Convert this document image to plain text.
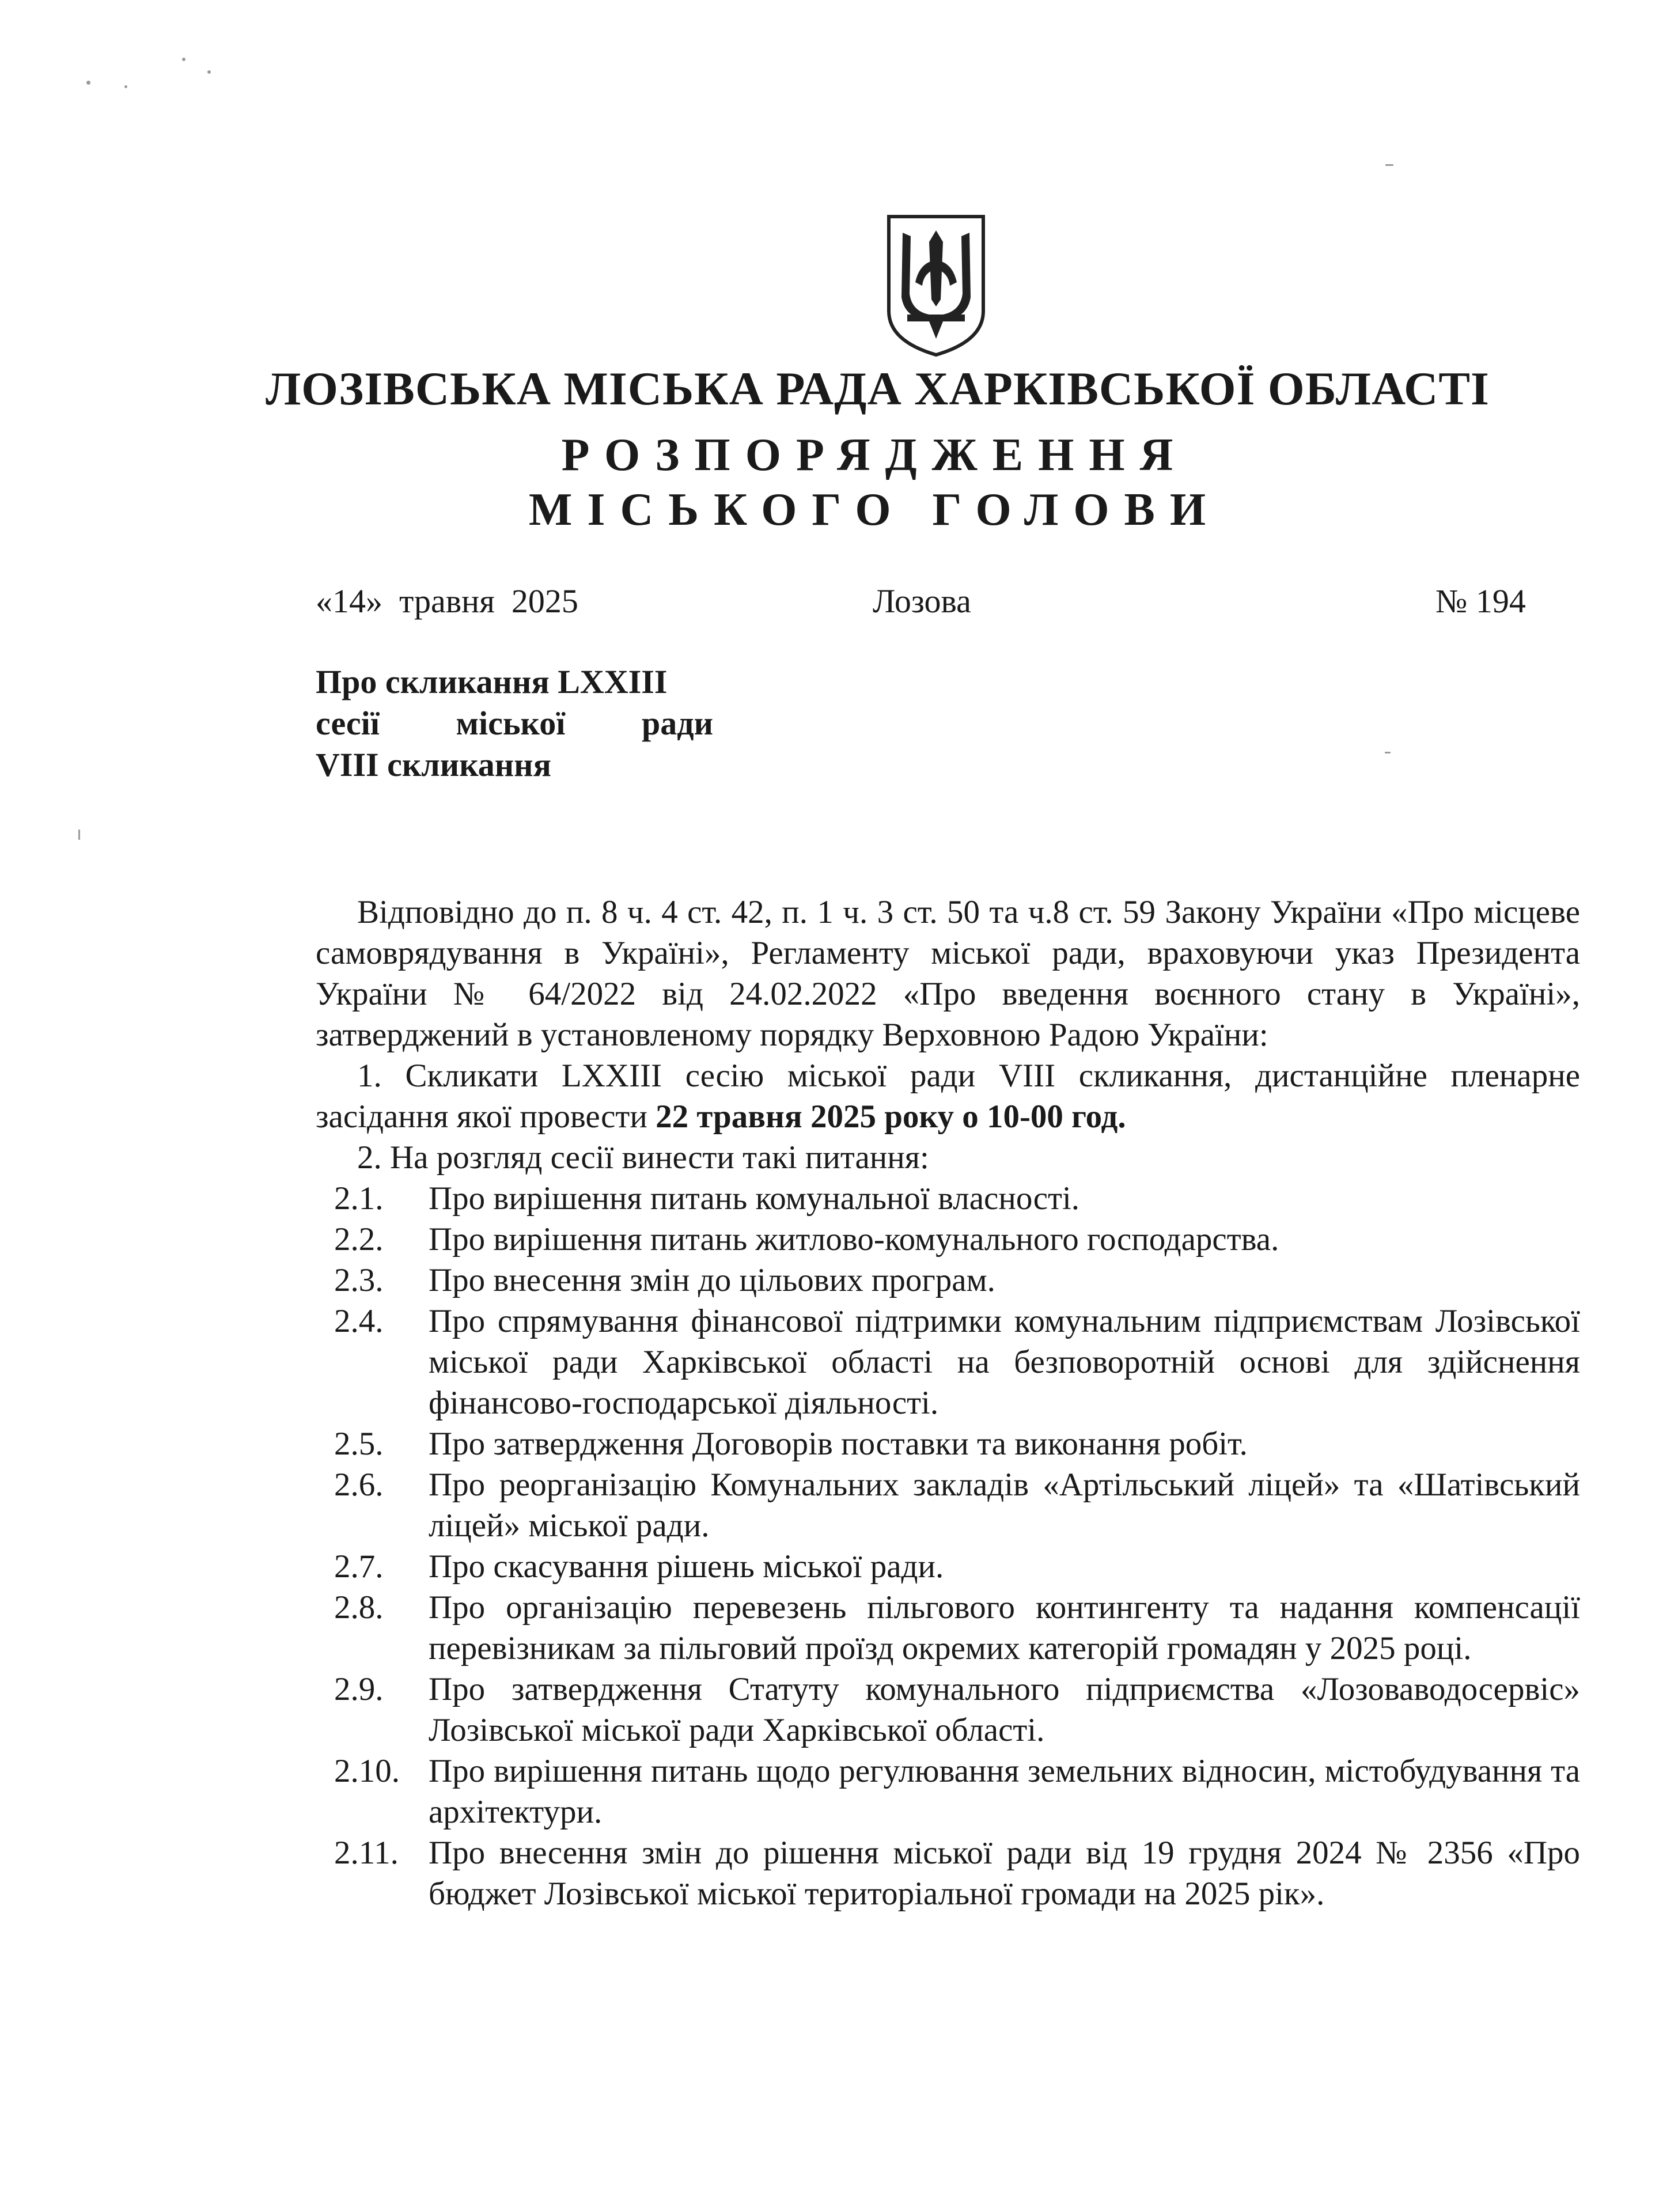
ЛОЗІВСЬКА МІСЬКА РАДА ХАРКІВСЬКОЇ ОБЛАСТІ
РОЗПОРЯДЖЕННЯ
МІСЬКОГО ГОЛОВИ
«14»  травня  2025	Лозова	№ 194
Про скликання LXXIII
сесії міської ради
VIII скликання

Відповідно до п. 8 ч. 4 ст. 42, п. 1 ч. 3 ст. 50 та ч.8 ст. 59 Закону України «Про місцеве самоврядування в Україні», Регламенту міської ради, враховуючи указ Президента України № 64/2022 від 24.02.2022 «Про введення воєнного стану в Україні», затверджений в установленому порядку Верховною Радою України:

1. Скликати LXXIII сесію міської ради VIII скликання, дистанційне пленарне засідання якої провести 22 травня 2025 року о 10-00 год.

2. На розгляд сесії винести такі питання:

2.1.	Про вирішення питань комунальної власності.
2.2.	Про вирішення питань житлово-комунального господарства.
2.3.	Про внесення змін до цільових програм.
2.4.	Про спрямування фінансової підтримки комунальним підприємствам Лозівської міської ради Харківської області на безповоротній основі для здійснення фінансово-господарської діяльності.
2.5.	Про затвердження Договорів поставки та виконання робіт.
2.6.	Про реорганізацію Комунальних закладів «Артільський ліцей» та «Шатівський ліцей» міської ради.
2.7.	Про скасування рішень міської ради.
2.8.	Про організацію перевезень пільгового контингенту та надання компенсації перевізникам за пільговий проїзд окремих категорій громадян у 2025 році.
2.9.	Про затвердження Статуту комунального підприємства «Лозоваводосервіс» Лозівської міської ради Харківської області.
2.10. Про вирішення питань щодо регулювання земельних відносин, містобудування та архітектури.
2.11. Про внесення змін до рішення міської ради від 19 грудня 2024 № 2356 «Про бюджет Лозівської міської територіальної громади на 2025 рік».
